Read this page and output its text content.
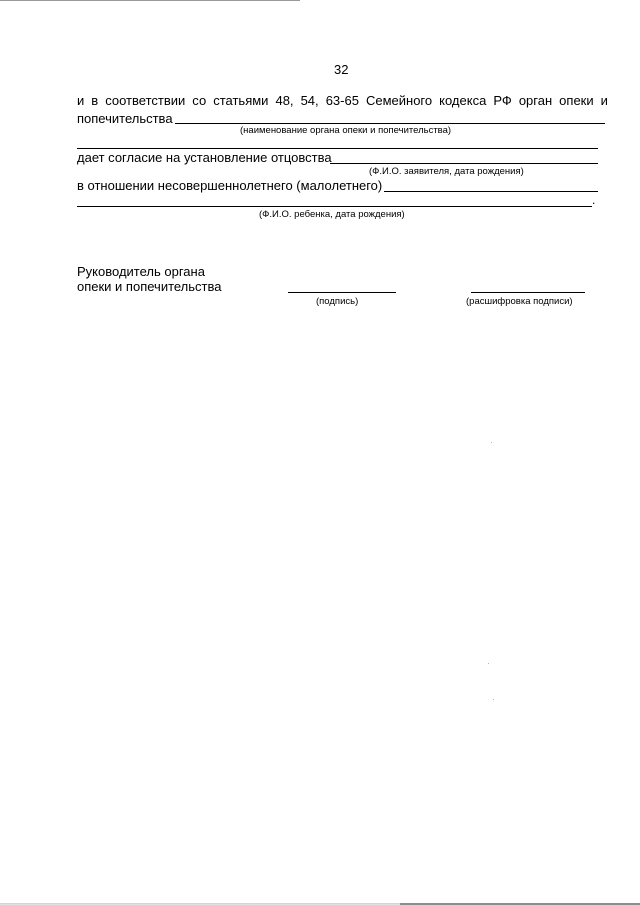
32
и в соответствии со статьями 48, 54, 63-65 Семейного кодекса РФ орган опеки и
попечительства
(наименование органа опеки и попечительства)
дает согласие на установление отцовства
(Ф.И.О. заявителя, дата рождения)
в отношении несовершеннолетнего (малолетнего)
.
(Ф.И.О. ребенка, дата рождения)
Руководитель органа
опеки и попечительства
(подпись)	(расшифровка подписи)
